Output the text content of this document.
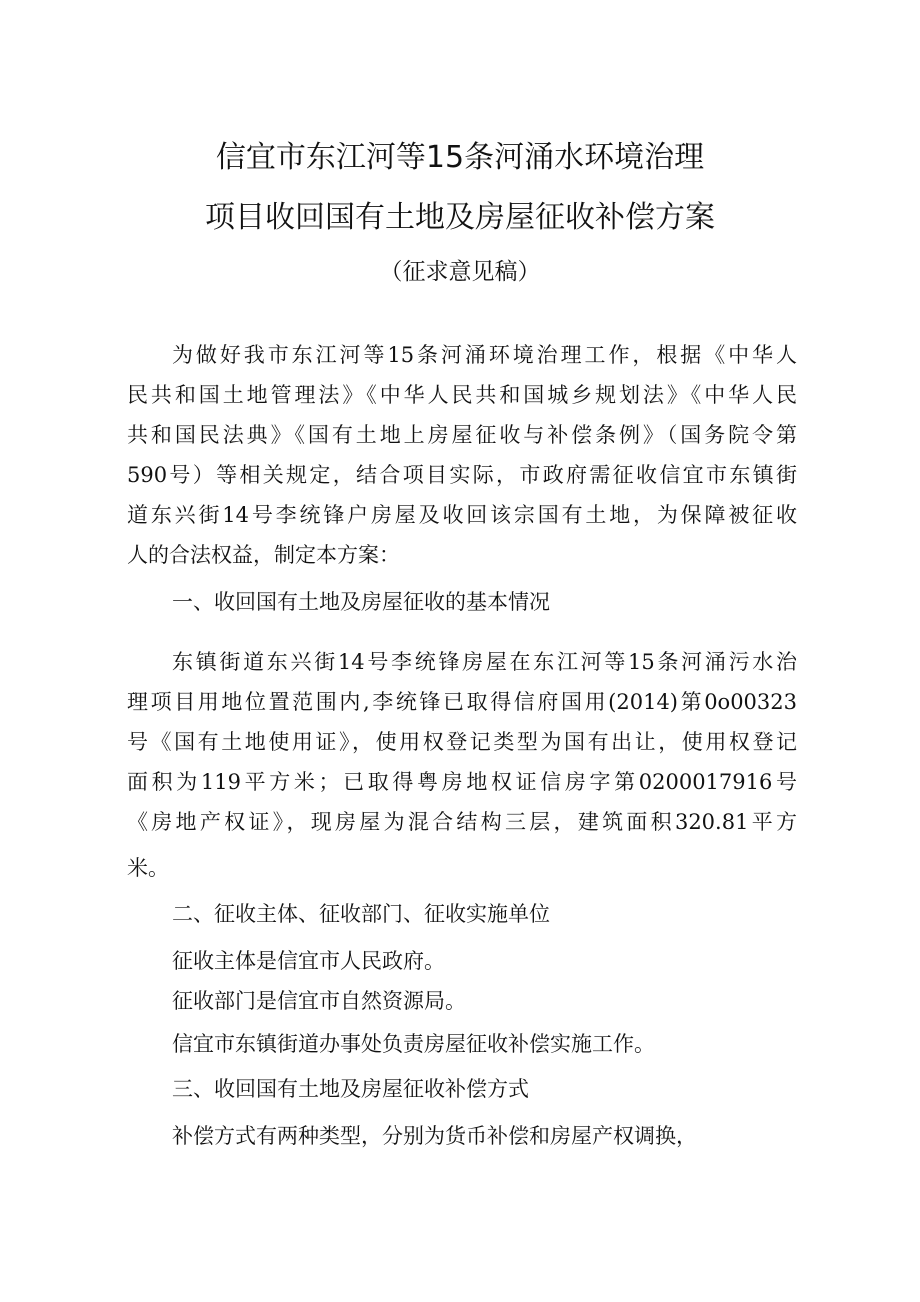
信宜市东江河等15条河涌水环境治理
项目收回国有土地及房屋征收补偿方案

（征求意见稿）

为做好我市东江河等15条河涌环境治理工作，根据《中华人

民共和国土地管理法》《中华人民共和国城乡规划法》《中华人民

共和国民法典》《国有土地上房屋征收与补偿条例》（国务院令第

590号）等相关规定，结合项目实际，市政府需征收信宜市东镇街

道东兴街14号李统锋户房屋及收回该宗国有土地，为保障被征收

人的合法权益，制定本方案：

一、收回国有土地及房屋征收的基本情况

东镇街道东兴街14号李统锋房屋在东江河等15条河涌污水治

理项目用地位置范围内,李统锋已取得信府国用(2014)第0o00323

号《国有土地使用证》，使用权登记类型为国有出让，使用权登记

面积为119平方米；已取得粤房地权证信房字第0200017916号

《房地产权证》，现房屋为混合结构三层，建筑面积320.81平方

米。

二、征收主体、征收部门、征收实施单位

征收主体是信宜市人民政府。

征收部门是信宜市自然资源局。

信宜市东镇街道办事处负责房屋征收补偿实施工作。

三、收回国有土地及房屋征收补偿方式

补偿方式有两种类型，分别为货币补偿和房屋产权调换，
